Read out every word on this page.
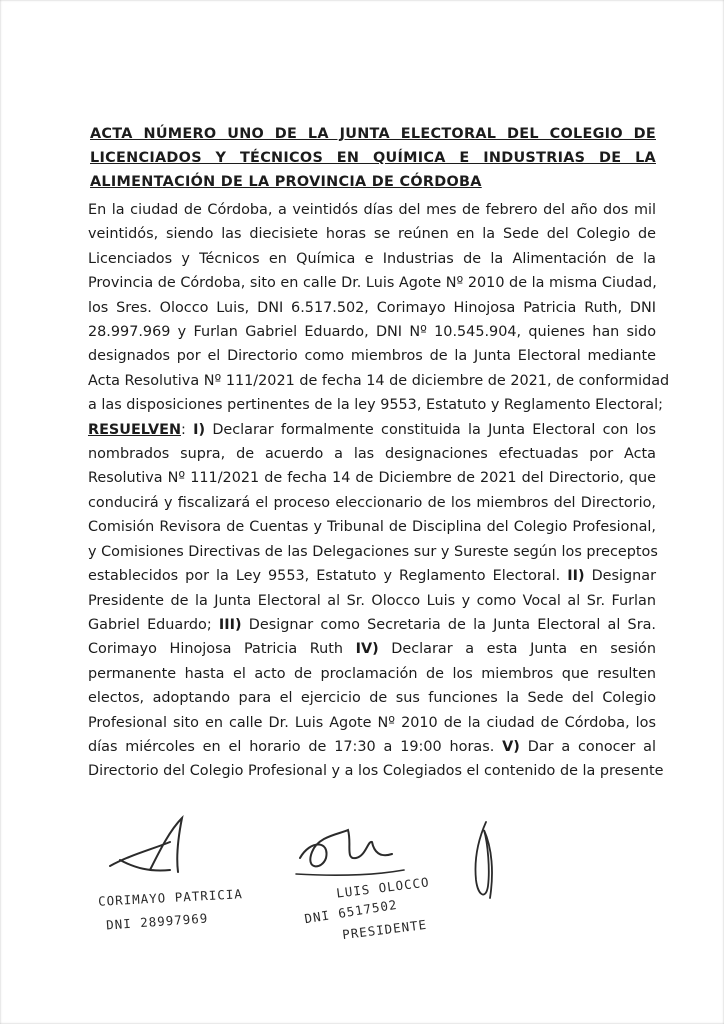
ACTA NÚMERO UNO DE LA JUNTA ELECTORAL DEL COLEGIO DE
LICENCIADOS Y TÉCNICOS EN QUÍMICA E INDUSTRIAS DE LA
ALIMENTACIÓN DE LA PROVINCIA DE CÓRDOBA
En la ciudad de Córdoba, a veintidós días del mes de febrero del año dos mil
veintidós, siendo las diecisiete horas se reúnen en la Sede del Colegio de
Licenciados y Técnicos en Química e Industrias de la Alimentación de la
Provincia de Córdoba, sito en calle Dr. Luis Agote Nº 2010 de la misma Ciudad,
los Sres. Olocco Luis, DNI 6.517.502, Corimayo Hinojosa Patricia Ruth, DNI
28.997.969 y Furlan Gabriel Eduardo, DNI Nº 10.545.904, quienes han sido
designados por el Directorio como miembros de la Junta Electoral mediante
Acta Resolutiva Nº 111/2021 de fecha 14 de diciembre de 2021, de conformidad
a las disposiciones pertinentes de la ley 9553, Estatuto y Reglamento Electoral;
RESUELVEN: I) Declarar formalmente constituida la Junta Electoral con los
nombrados supra, de acuerdo a las designaciones efectuadas por Acta
Resolutiva Nº 111/2021 de fecha 14 de Diciembre de 2021 del Directorio, que
conducirá y fiscalizará el proceso eleccionario de los miembros del Directorio,
Comisión Revisora de Cuentas y Tribunal de Disciplina del Colegio Profesional,
y Comisiones Directivas de las Delegaciones sur y Sureste según los preceptos
establecidos por la Ley 9553, Estatuto y Reglamento Electoral. II) Designar
Presidente de la Junta Electoral al Sr. Olocco Luis y como Vocal al Sr. Furlan
Gabriel Eduardo; III) Designar como Secretaria de la Junta Electoral al Sra.
Corimayo Hinojosa Patricia Ruth IV) Declarar a esta Junta en sesión
permanente hasta el acto de proclamación de los miembros que resulten
electos, adoptando para el ejercicio de sus funciones la Sede del Colegio
Profesional sito en calle Dr. Luis Agote Nº 2010 de la ciudad de Córdoba, los
días miércoles en el horario de 17:30 a 19:00 horas. V) Dar a conocer al
Directorio del Colegio Profesional y a los Colegiados el contenido de la presente
CORIMAYO PATRICIA
DNI 28997969
LUIS OLOCCO
DNI 6517502
PRESIDENTE
